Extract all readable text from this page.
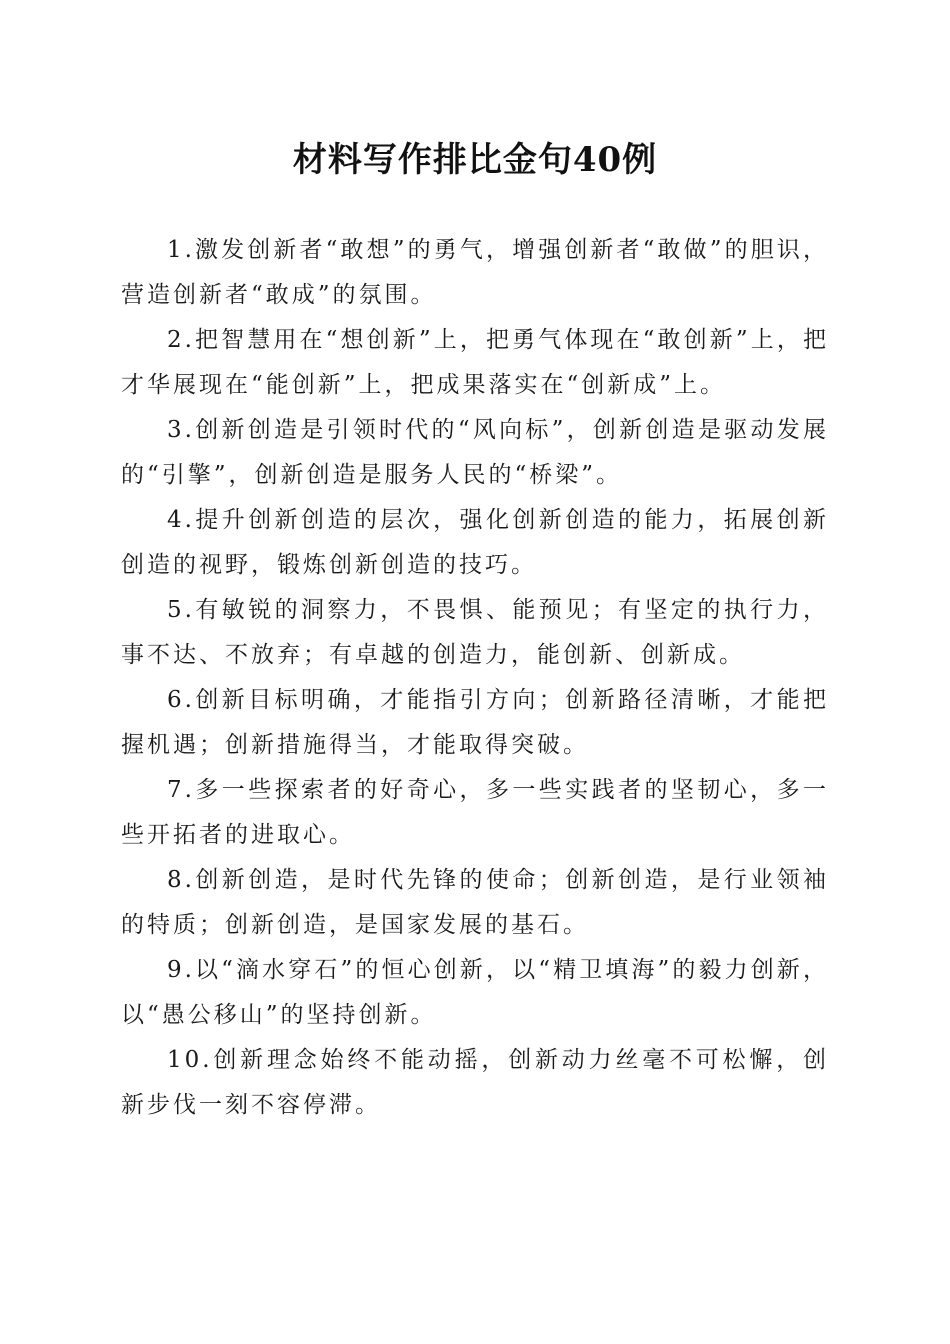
材料写作排比金句40例

1.激发创新者“敢想”的勇气，增强创新者“敢做”的胆识，营造创新者“敢成”的氛围。

2.把智慧用在“想创新”上，把勇气体现在“敢创新”上，把才华展现在“能创新”上，把成果落实在“创新成”上。

3.创新创造是引领时代的“风向标”，创新创造是驱动发展的“引擎”，创新创造是服务人民的“桥梁”。

4.提升创新创造的层次，强化创新创造的能力，拓展创新创造的视野，锻炼创新创造的技巧。

5.有敏锐的洞察力，不畏惧、能预见；有坚定的执行力，事不达、不放弃；有卓越的创造力，能创新、创新成。

6.创新目标明确，才能指引方向；创新路径清晰，才能把握机遇；创新措施得当，才能取得突破。

7.多一些探索者的好奇心，多一些实践者的坚韧心，多一些开拓者的进取心。

8.创新创造，是时代先锋的使命；创新创造，是行业领袖的特质；创新创造，是国家发展的基石。

9.以“滴水穿石”的恒心创新，以“精卫填海”的毅力创新，以“愚公移山”的坚持创新。

10.创新理念始终不能动摇，创新动力丝毫不可松懈，创新步伐一刻不容停滞。
